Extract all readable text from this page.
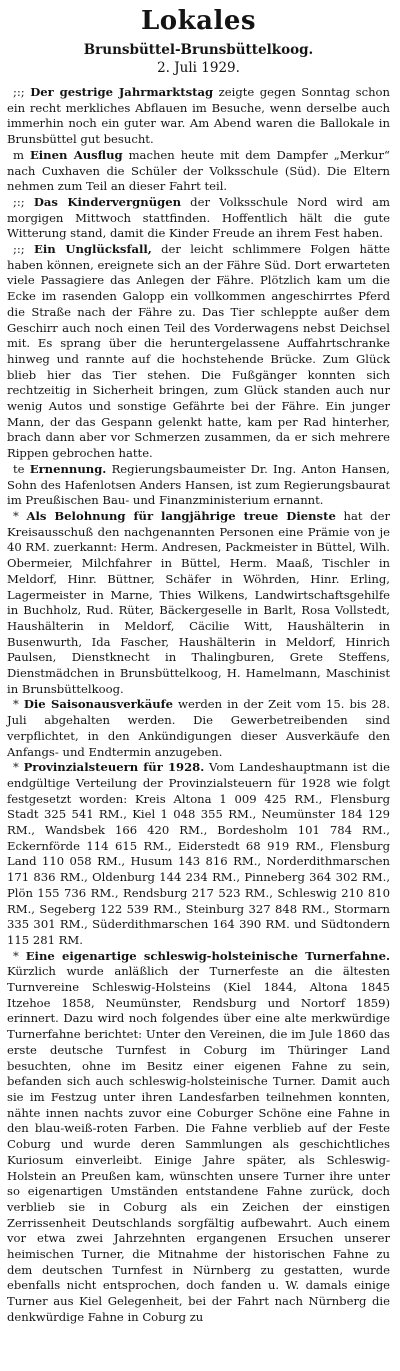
Lokales
Brunsbüttel-Brunsbüttelkoog.
2. Juli 1929.

;:; Der gestrige Jahrmarktstag zeigte gegen Sonntag schon ein recht merkliches Abflauen im Besuche, wenn derselbe auch immerhin noch ein guter war. Am Abend waren die Ballokale in Brunsbüttel gut besucht.

m Einen Ausflug machen heute mit dem Dampfer „Merkur“ nach Cuxhaven die Schüler der Volksschule (Süd). Die Eltern nehmen zum Teil an dieser Fahrt teil.

;:; Das Kindervergnügen der Volksschule Nord wird am morgigen Mittwoch stattfinden. Hoffentlich hält die gute Witterung stand, damit die Kinder Freude an ihrem Fest haben.

;:; Ein Unglücksfall, der leicht schlimmere Folgen hätte haben können, ereignete sich an der Fähre Süd. Dort erwarteten viele Passagiere das Anlegen der Fähre. Plötzlich kam um die Ecke im rasenden Galopp ein vollkommen angeschirrtes Pferd die Straße nach der Fähre zu. Das Tier schleppte außer dem Geschirr auch noch einen Teil des Vorderwagens nebst Deichsel mit. Es sprang über die heruntergelassene Auffahrtschranke hinweg und rannte auf die hochstehende Brücke. Zum Glück blieb hier das Tier stehen. Die Fußgänger konnten sich rechtzeitig in Sicherheit bringen, zum Glück standen auch nur wenig Autos und sonstige Gefährte bei der Fähre. Ein junger Mann, der das Gespann gelenkt hatte, kam per Rad hinterher, brach dann aber vor Schmerzen zusammen, da er sich mehrere Rippen gebrochen hatte.

te Ernennung. Regierungsbaumeister Dr. Ing. Anton Hansen, Sohn des Hafenlotsen Anders Hansen, ist zum Regierungsbaurat im Preußischen Bau- und Finanzministerium ernannt.

* Als Belohnung für langjährige treue Dienste hat der Kreisausschuß den nachgenannten Personen eine Prämie von je 40 RM. zuerkannt: Herm. Andresen, Packmeister in Büttel, Wilh. Obermeier, Milchfahrer in Büttel, Herm. Maaß, Tischler in Meldorf, Hinr. Büttner, Schäfer in Wöhrden, Hinr. Erling, Lagermeister in Marne, Thies Wilkens, Landwirtschaftsgehilfe in Buchholz, Rud. Rüter, Bäckergeselle in Barlt, Rosa Vollstedt, Haushälterin in Meldorf, Cäcilie Witt, Haushälterin in Busenwurth, Ida Fascher, Haushälterin in Meldorf, Hinrich Paulsen, Dienstknecht in Thalingburen, Grete Steffens, Dienstmädchen in Brunsbüttelkoog, H. Hamelmann, Maschinist in Brunsbüttelkoog.

* Die Saisonausverkäufe werden in der Zeit vom 15. bis 28. Juli abgehalten werden. Die Gewerbetreibenden sind verpflichtet, in den Ankündigungen dieser Ausverkäufe den Anfangs- und Endtermin anzugeben.

* Provinzialsteuern für 1928. Vom Landeshauptmann ist die endgültige Verteilung der Provinzialsteuern für 1928 wie folgt festgesetzt worden: Kreis Altona 1 009 425 RM., Flensburg Stadt 325 541 RM., Kiel 1 048 355 RM., Neumünster 184 129 RM., Wandsbek 166 420 RM., Bordesholm 101 784 RM., Eckernförde 114 615 RM., Eiderstedt 68 919 RM., Flensburg Land 110 058 RM., Husum 143 816 RM., Norderdithmarschen 171 836 RM., Oldenburg 144 234 RM., Pinneberg 364 302 RM., Plön 155 736 RM., Rendsburg 217 523 RM., Schleswig 210 810 RM., Segeberg 122 539 RM., Steinburg 327 848 RM., Stormarn 335 301 RM., Süderdithmarschen 164 390 RM. und Südtondern 115 281 RM.

* Eine eigenartige schleswig-holsteinische Turnerfahne. Kürzlich wurde anläßlich der Turnerfeste an die ältesten Turnvereine Schleswig-Holsteins (Kiel 1844, Altona 1845 Itzehoe 1858, Neumünster, Rendsburg und Nortorf 1859) erinnert. Dazu wird noch folgendes über eine alte merkwürdige Turnerfahne berichtet: Unter den Vereinen, die im Jule 1860 das erste deutsche Turnfest in Coburg im Thüringer Land besuchten, ohne im Besitz einer eigenen Fahne zu sein, befanden sich auch schleswig-holsteinische Turner. Damit auch sie im Festzug unter ihren Landesfarben teilnehmen konnten, nähte innen nachts zuvor eine Coburger Schöne eine Fahne in den blau-weiß-roten Farben. Die Fahne verblieb auf der Feste Coburg und wurde deren Sammlungen als geschichtliches Kuriosum einverleibt. Einige Jahre später, als Schleswig-Holstein an Preußen kam, wünschten unsere Turner ihre unter so eigenartigen Umständen entstandene Fahne zurück, doch verblieb sie in Coburg als ein Zeichen der einstigen Zerrissenheit Deutschlands sorgfältig aufbewahrt. Auch einem vor etwa zwei Jahrzehnten ergangenen Ersuchen unserer heimischen Turner, die Mitnahme der historischen Fahne zu dem deutschen Turnfest in Nürnberg zu gestatten, wurde ebenfalls nicht entsprochen, doch fanden u. W. damals einige Turner aus Kiel Gelegenheit, bei der Fahrt nach Nürnberg die denkwürdige Fahne in Coburg zu
